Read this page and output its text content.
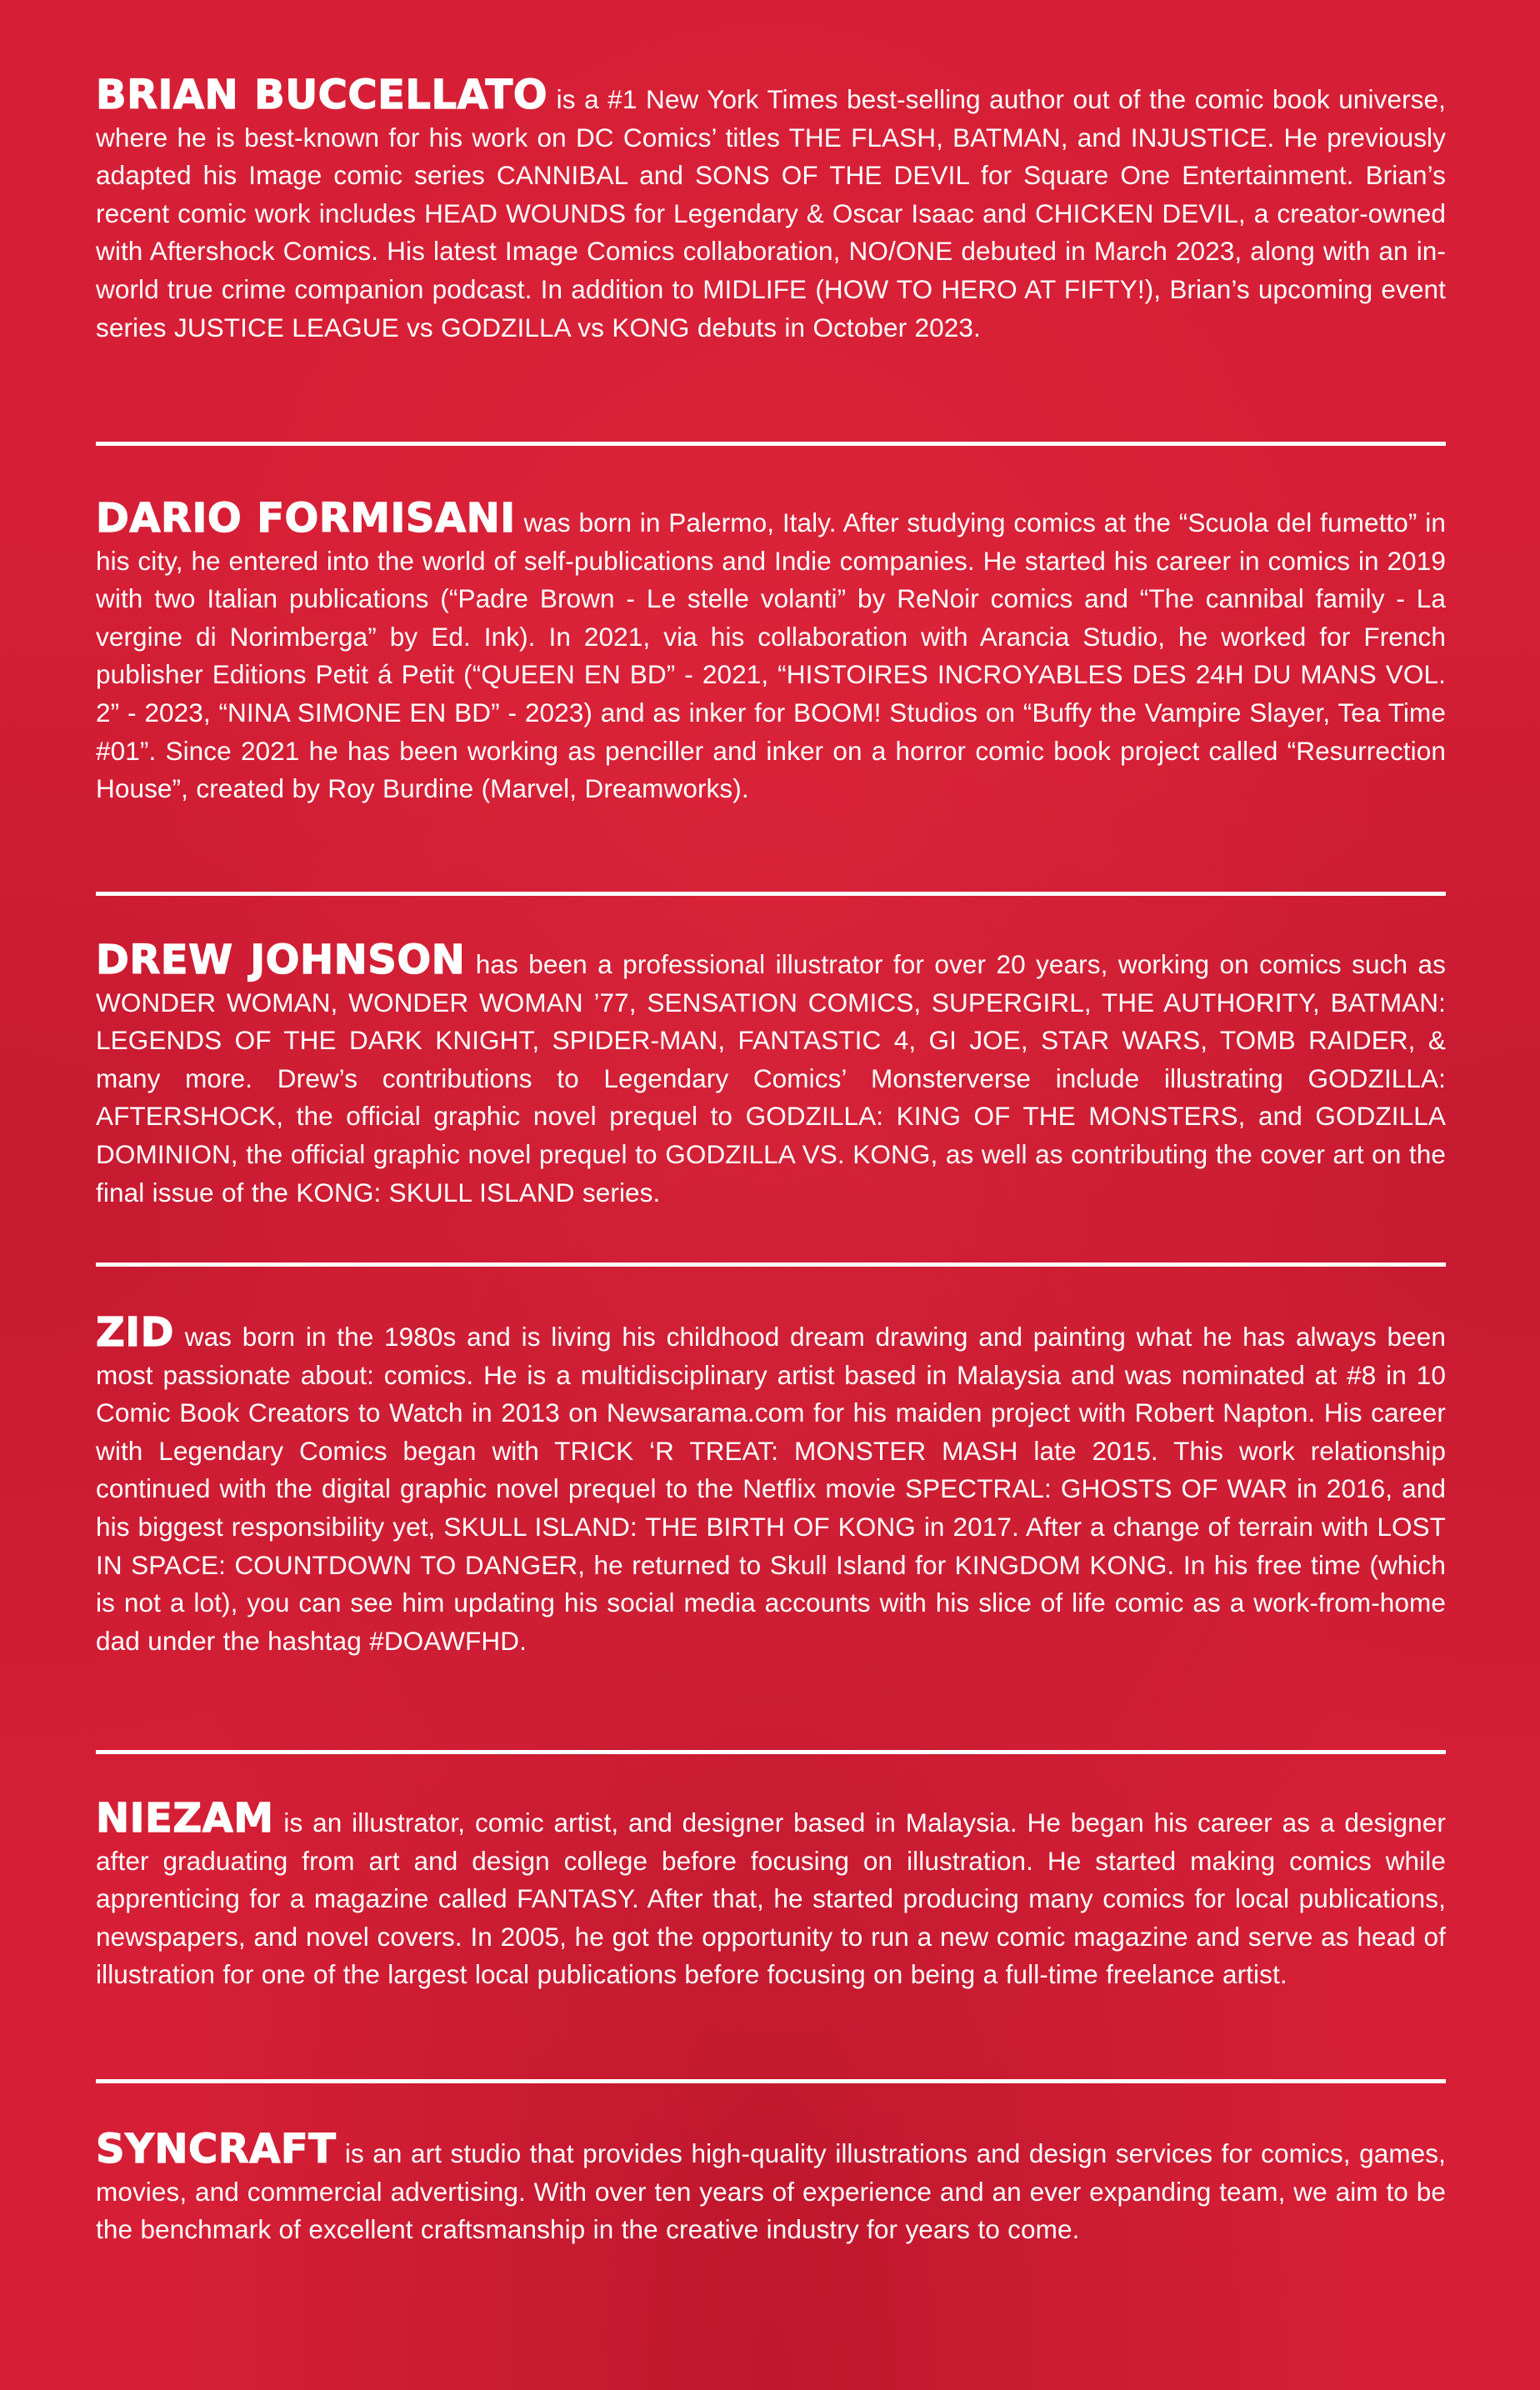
BRIAN BUCCELLATO is a #1 New York Times best-selling author out of the comic book universe, where he is best-known for his work on DC Comics’ titles THE FLASH, BATMAN, and INJUSTICE. He previously adapted his Image comic series CANNIBAL and SONS OF THE DEVIL for Square One Entertainment. Brian’s recent comic work includes HEAD WOUNDS for Legendary & Oscar Isaac and CHICKEN DEVIL, a creator-owned with Aftershock Comics. His latest Image Comics collaboration, NO/ONE debuted in March 2023, along with an in-world true crime companion podcast. In addition to MIDLIFE (HOW TO HERO AT FIFTY!), Brian’s upcoming event series JUSTICE LEAGUE vs GODZILLA vs KONG debuts in October 2023.

DARIO FORMISANI was born in Palermo, Italy. After studying comics at the “Scuola del fumetto” in his city, he entered into the world of self-publications and Indie companies. He started his career in comics in 2019 with two Italian publications (“Padre Brown - Le stelle volanti” by ReNoir comics and “The cannibal family - La vergine di Norimberga” by Ed. Ink). In 2021, via his collaboration with Arancia Studio, he worked for French publisher Editions Petit á Petit (“QUEEN EN BD” - 2021, “HISTOIRES INCROYABLES DES 24H DU MANS VOL. 2” - 2023, “NINA SIMONE EN BD” - 2023) and as inker for BOOM! Studios on “Buffy the Vampire Slayer, Tea Time #01”. Since 2021 he has been working as penciller and inker on a horror comic book project called “Resurrection House”, created by Roy Burdine (Marvel, Dreamworks).

DREW JOHNSON has been a professional illustrator for over 20 years, working on comics such as WONDER WOMAN, WONDER WOMAN ’77, SENSATION COMICS, SUPERGIRL, THE AUTHORITY, BATMAN: LEGENDS OF THE DARK KNIGHT, SPIDER-MAN, FANTASTIC 4, GI JOE, STAR WARS, TOMB RAIDER, & many more. Drew’s contributions to Legendary Comics’ Monsterverse include illustrating GODZILLA: AFTERSHOCK, the official graphic novel prequel to GODZILLA: KING OF THE MONSTERS, and GODZILLA DOMINION, the official graphic novel prequel to GODZILLA VS. KONG, as well as contributing the cover art on the final issue of the KONG: SKULL ISLAND series.

ZID was born in the 1980s and is living his childhood dream drawing and painting what he has always been most passionate about: comics. He is a multidisciplinary artist based in Malaysia and was nominated at #8 in 10 Comic Book Creators to Watch in 2013 on Newsarama.com for his maiden project with Robert Napton. His career with Legendary Comics began with TRICK ‘R TREAT: MONSTER MASH late 2015. This work relationship continued with the digital graphic novel prequel to the Netflix movie SPECTRAL: GHOSTS OF WAR in 2016, and his biggest responsibility yet, SKULL ISLAND: THE BIRTH OF KONG in 2017. After a change of terrain with LOST IN SPACE: COUNTDOWN TO DANGER, he returned to Skull Island for KINGDOM KONG. In his free time (which is not a lot), you can see him updating his social media accounts with his slice of life comic as a work-from-home dad under the hashtag #DOAWFHD.

NIEZAM is an illustrator, comic artist, and designer based in Malaysia. He began his career as a designer after graduating from art and design college before focusing on illustration. He started making comics while apprenticing for a magazine called FANTASY. After that, he started producing many comics for local publications, newspapers, and novel covers. In 2005, he got the opportunity to run a new comic magazine and serve as head of illustration for one of the largest local publications before focusing on being a full-time freelance artist.

SYNCRAFT is an art studio that provides high-quality illustrations and design services for comics, games, movies, and commercial advertising. With over ten years of experience and an ever expanding team, we aim to be the benchmark of excellent craftsmanship in the creative industry for years to come.
